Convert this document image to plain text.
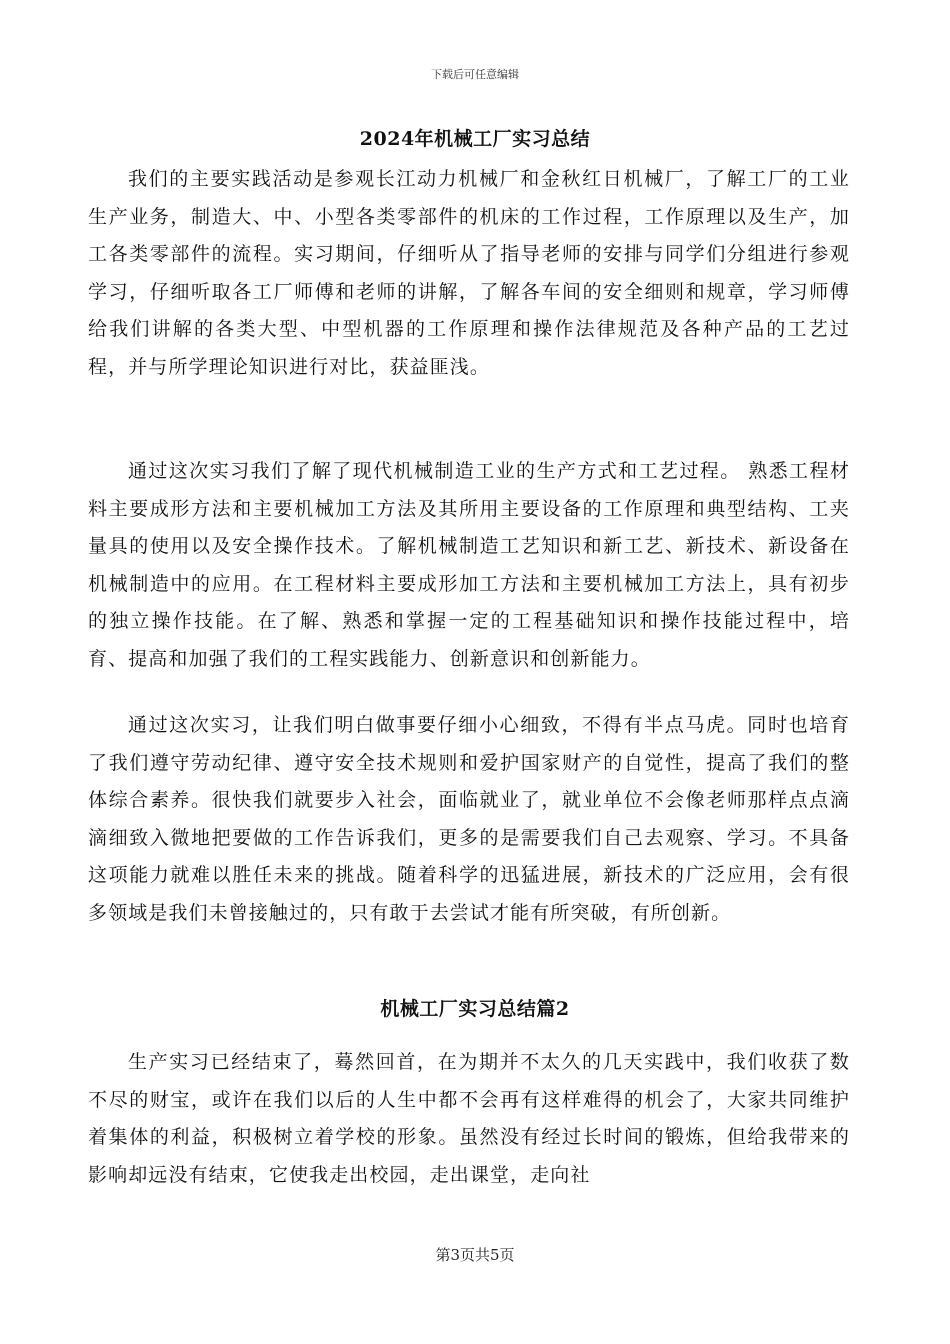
下载后可任意编辑
2024年机械工厂实习总结

我们的主要实践活动是参观长江动力机械厂和金秋红日机械厂，了解工厂的工业生产业务，制造大、中、小型各类零部件的机床的工作过程，工作原理以及生产，加工各类零部件的流程。实习期间，仔细听从了指导老师的安排与同学们分组进行参观学习，仔细听取各工厂师傅和老师的讲解，了解各车间的安全细则和规章，学习师傅给我们讲解的各类大型、中型机器的工作原理和操作法律规范及各种产品的工艺过程，并与所学理论知识进行对比，获益匪浅。

通过这次实习我们了解了现代机械制造工业的生产方式和工艺过程。 熟悉工程材料主要成形方法和主要机械加工方法及其所用主要设备的工作原理和典型结构、工夹量具的使用以及安全操作技术。了解机械制造工艺知识和新工艺、新技术、新设备在机械制造中的应用。在工程材料主要成形加工方法和主要机械加工方法上，具有初步的独立操作技能。在了解、熟悉和掌握一定的工程基础知识和操作技能过程中，培育、提高和加强了我们的工程实践能力、创新意识和创新能力。

通过这次实习，让我们明白做事要仔细小心细致，不得有半点马虎。同时也培育了我们遵守劳动纪律、遵守安全技术规则和爱护国家财产的自觉性，提高了我们的整体综合素养。很快我们就要步入社会，面临就业了，就业单位不会像老师那样点点滴滴细致入微地把要做的工作告诉我们，更多的是需要我们自己去观察、学习。不具备这项能力就难以胜任未来的挑战。随着科学的迅猛进展，新技术的广泛应用，会有很多领域是我们未曾接触过的，只有敢于去尝试才能有所突破，有所创新。

机械工厂实习总结篇2

生产实习已经结束了，蓦然回首，在为期并不太久的几天实践中，我们收获了数不尽的财宝，或许在我们以后的人生中都不会再有这样难得的机会了，大家共同维护着集体的利益，积极树立着学校的形象。虽然没有经过长时间的锻炼，但给我带来的影响却远没有结束，它使我走出校园，走出课堂，走向社

第3页共5页
